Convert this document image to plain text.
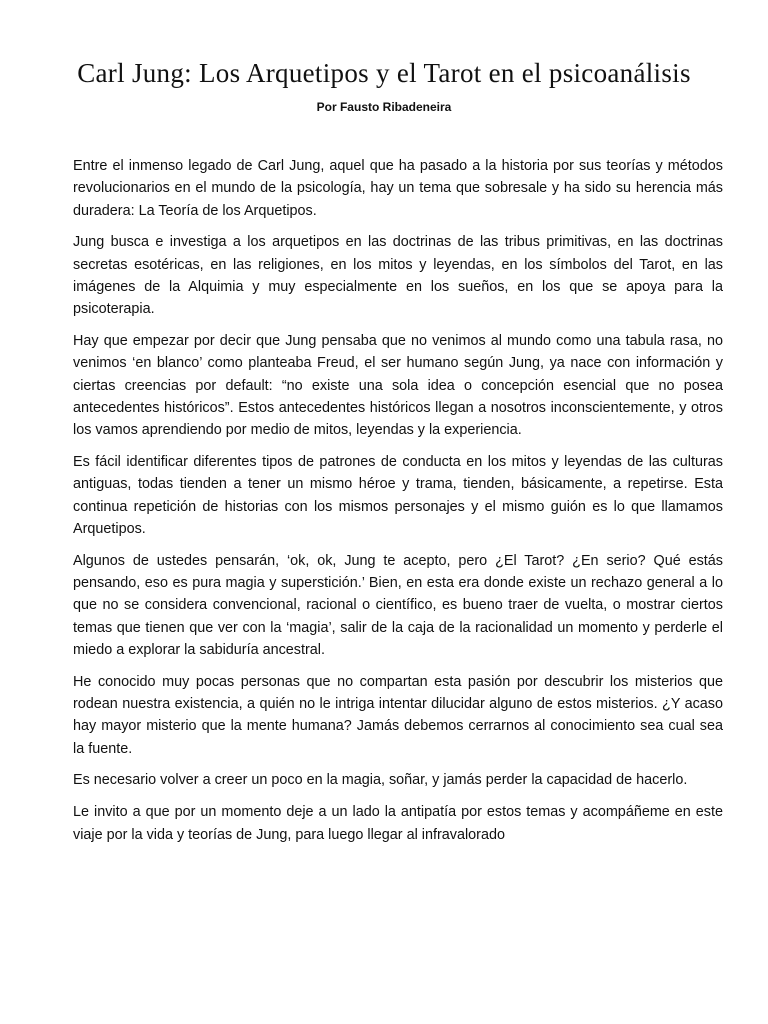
Carl Jung: Los Arquetipos y el Tarot en el psicoanálisis
Por Fausto Ribadeneira

Entre el inmenso legado de Carl Jung, aquel que ha pasado a la historia por sus teorías y métodos revolucionarios en el mundo de la psicología, hay un tema que sobresale y ha sido su herencia más duradera: La Teoría de los Arquetipos.

Jung busca e investiga a los arquetipos en las doctrinas de las tribus primitivas, en las doctrinas secretas esotéricas, en las religiones, en los mitos y leyendas, en los símbolos del Tarot, en las imágenes de la Alquimia y muy especialmente en los sueños, en los que se apoya para la psicoterapia.

Hay que empezar por decir que Jung pensaba que no venimos al mundo como una tabula rasa, no venimos ‘en blanco’ como planteaba Freud, el ser humano según Jung, ya nace con información y ciertas creencias por default: “no existe una sola idea o concepción esencial que no posea antecedentes históricos”. Estos antecedentes históricos llegan a nosotros inconscientemente, y otros los vamos aprendiendo por medio de mitos, leyendas y la experiencia.

Es fácil identificar diferentes tipos de patrones de conducta en los mitos y leyendas de las culturas antiguas, todas tienden a tener un mismo héroe y trama, tienden, básicamente, a repetirse. Esta continua repetición de historias con los mismos personajes y el mismo guión es lo que llamamos Arquetipos.

Algunos de ustedes pensarán, ‘ok, ok, Jung te acepto, pero ¿El Tarot? ¿En serio? Qué estás pensando, eso es pura magia y superstición.’ Bien, en esta era donde existe un rechazo general a lo que no se considera convencional, racional o científico, es bueno traer de vuelta, o mostrar ciertos temas que tienen que ver con la ‘magia’, salir de la caja de la racionalidad un momento y perderle el miedo a explorar la sabiduría ancestral.

He conocido muy pocas personas que no compartan esta pasión por descubrir los misterios que rodean nuestra existencia, a quién no le intriga intentar dilucidar alguno de estos misterios. ¿Y acaso hay mayor misterio que la mente humana? Jamás debemos cerrarnos al conocimiento sea cual sea la fuente.

Es necesario volver a creer un poco en la magia, soñar, y jamás perder la capacidad de hacerlo.

Le invito a que por un momento deje a un lado la antipatía por estos temas y acompáñeme en este viaje por la vida y teorías de Jung, para luego llegar al infravalorado
